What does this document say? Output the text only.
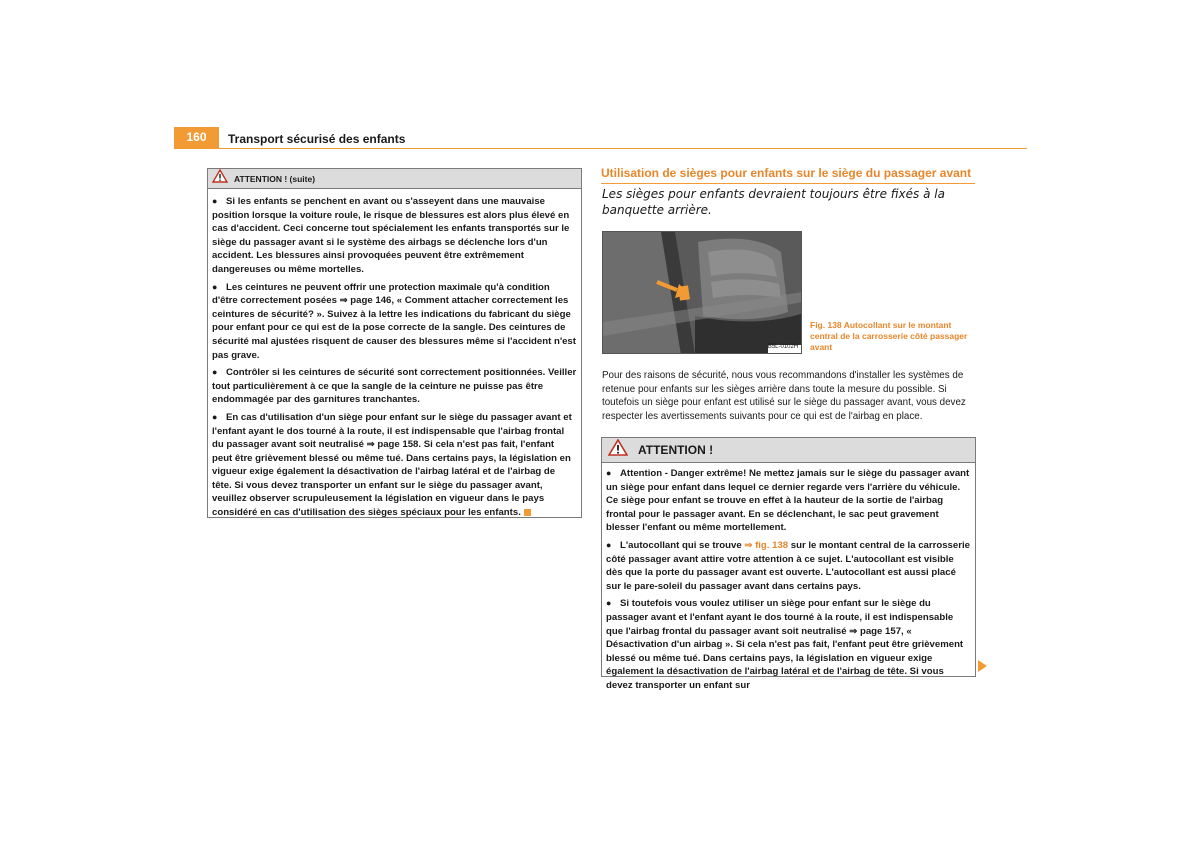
160	Transport sécurisé des enfants
ATTENTION ! (suite)

● Si les enfants se penchent en avant ou s'asseyent dans une mauvaise position lorsque la voiture roule, le risque de blessures est alors plus élevé en cas d'accident. Ceci concerne tout spécialement les enfants transportés sur le siège du passager avant si le système des airbags se déclenche lors d'un accident. Les blessures ainsi provoquées peuvent être extrêmement dangereuses ou même mortelles.

● Les ceintures ne peuvent offrir une protection maximale qu'à condition d'être correctement posées ⇒ page 146, « Comment attacher correctement les ceintures de sécurité? ». Suivez à la lettre les indications du fabricant du siège pour enfant pour ce qui est de la pose correcte de la sangle. Des ceintures de sécurité mal ajustées risquent de causer des blessures même si l'accident n'est pas grave.

● Contrôler si les ceintures de sécurité sont correctement positionnées. Veiller tout particulièrement à ce que la sangle de la ceinture ne puisse pas être endommagée par des garnitures tranchantes.

● En cas d'utilisation d'un siège pour enfant sur le siège du passager avant et l'enfant ayant le dos tourné à la route, il est indispensable que l'airbag frontal du passager avant soit neutralisé ⇒ page 158. Si cela n'est pas fait, l'enfant peut être grièvement blessé ou même tué. Dans certains pays, la législation en vigueur exige également la désactivation de l'airbag latéral et de l'airbag de tête. Si vous devez transporter un enfant sur le siège du passager avant, veuillez observer scrupuleusement la législation en vigueur dans le pays considéré en cas d'utilisation des sièges spéciaux pour les enfants.

Utilisation de sièges pour enfants sur le siège du passager avant
Les sièges pour enfants devraient toujours être fixés à la banquette arrière.
B5L-0102H
Fig. 138 Autocollant sur le montant central de la carrosserie côté passager avant
Pour des raisons de sécurité, nous vous recommandons d'installer les systèmes de retenue pour enfants sur les sièges arrière dans toute la mesure du possible. Si toutefois un siège pour enfant est utilisé sur le siège du passager avant, vous devez respecter les avertissements suivants pour ce qui est de l'airbag en place.
ATTENTION !

● Attention - Danger extrême! Ne mettez jamais sur le siège du passager avant un siège pour enfant dans lequel ce dernier regarde vers l'arrière du véhicule. Ce siège pour enfant se trouve en effet à la hauteur de la sortie de l'airbag frontal pour le passager avant. En se déclenchant, le sac peut gravement blesser l'enfant ou même mortellement.

● L'autocollant qui se trouve ⇒ fig. 138 sur le montant central de la carrosserie côté passager avant attire votre attention à ce sujet. L'autocollant est visible dès que la porte du passager avant est ouverte. L'autocollant est aussi placé sur le pare-soleil du passager avant dans certains pays.

● Si toutefois vous voulez utiliser un siège pour enfant sur le siège du passager avant et l'enfant ayant le dos tourné à la route, il est indispensable que l'airbag frontal du passager avant soit neutralisé ⇒ page 157, « Désactivation d'un airbag ». Si cela n'est pas fait, l'enfant peut être grièvement blessé ou même tué. Dans certains pays, la législation en vigueur exige également la désactivation de l'airbag latéral et de l'airbag de tête. Si vous devez transporter un enfant sur
